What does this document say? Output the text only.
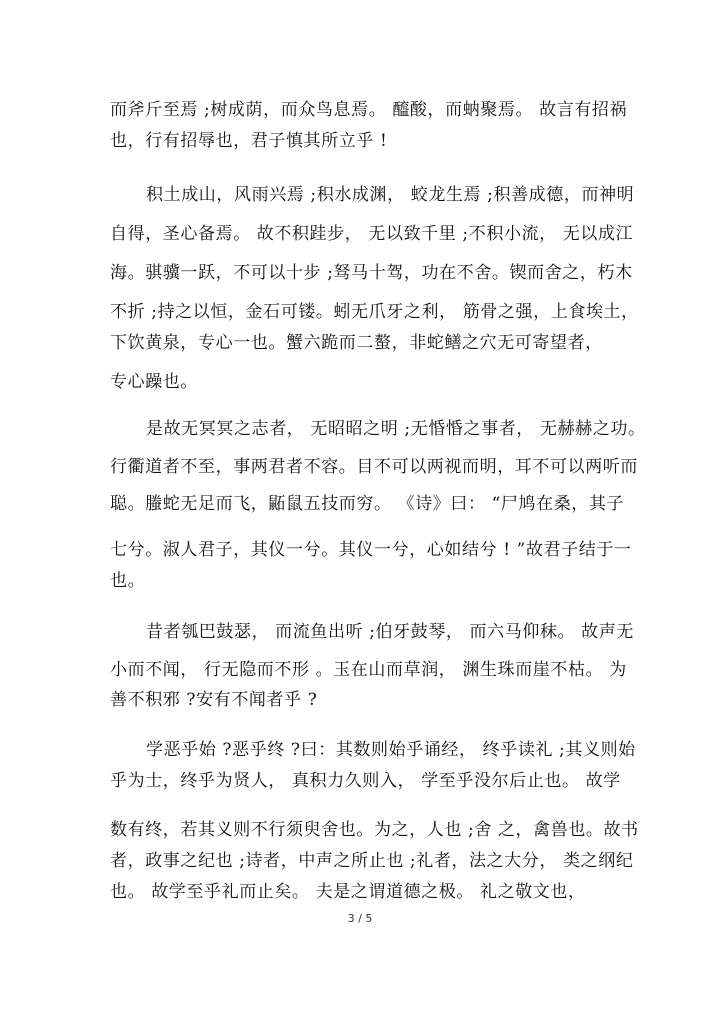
而斧斤至焉 ;树成荫，而众鸟息焉。 醯酸，而蚋聚焉。 故言有招祸

也，行有招辱也，君子慎其所立乎 !

积土成山，风雨兴焉 ;积水成渊， 蛟龙生焉 ;积善成德，而神明

自得，圣心备焉。 故不积跬步， 无以致千里 ;不积小流， 无以成江

海。骐骥一跃，不可以十步 ;驽马十驾，功在不舍。锲而舍之，朽木

不折 ;持之以恒，金石可镂。蚓无爪牙之利， 筋骨之强，上食埃土，

下饮黄泉，专心一也。蟹六跪而二螯，非蛇鳝之穴无可寄望者，

专心躁也。

是故无冥冥之志者， 无昭昭之明 ;无惛惛之事者， 无赫赫之功。

行衢道者不至，事两君者不容。目不可以两视而明，耳不可以两听而

聪。螣蛇无足而飞，鼫鼠五技而穷。 《诗》曰： “尸鸠在桑，其子

七兮。淑人君子，其仪一兮。其仪一兮，心如结兮 ! ”故君子结于一

也。

昔者瓠巴鼓瑟， 而流鱼出听 ;伯牙鼓琴， 而六马仰秣。 故声无

小而不闻， 行无隐而不形 。玉在山而草润， 渊生珠而崖不枯。 为

善不积邪 ?安有不闻者乎 ?

学恶乎始 ?恶乎终 ?曰：其数则始乎诵经， 终乎读礼 ;其义则始

乎为士，终乎为贤人， 真积力久则入， 学至乎没尔后止也。 故学

数有终，若其义则不行须臾舍也。为之，人也 ;舍 之，禽兽也。故书

者，政事之纪也 ;诗者，中声之所止也 ;礼者，法之大分， 类之纲纪

也。 故学至乎礼而止矣。 夫是之谓道德之极。 礼之敬文也，

3 / 5
